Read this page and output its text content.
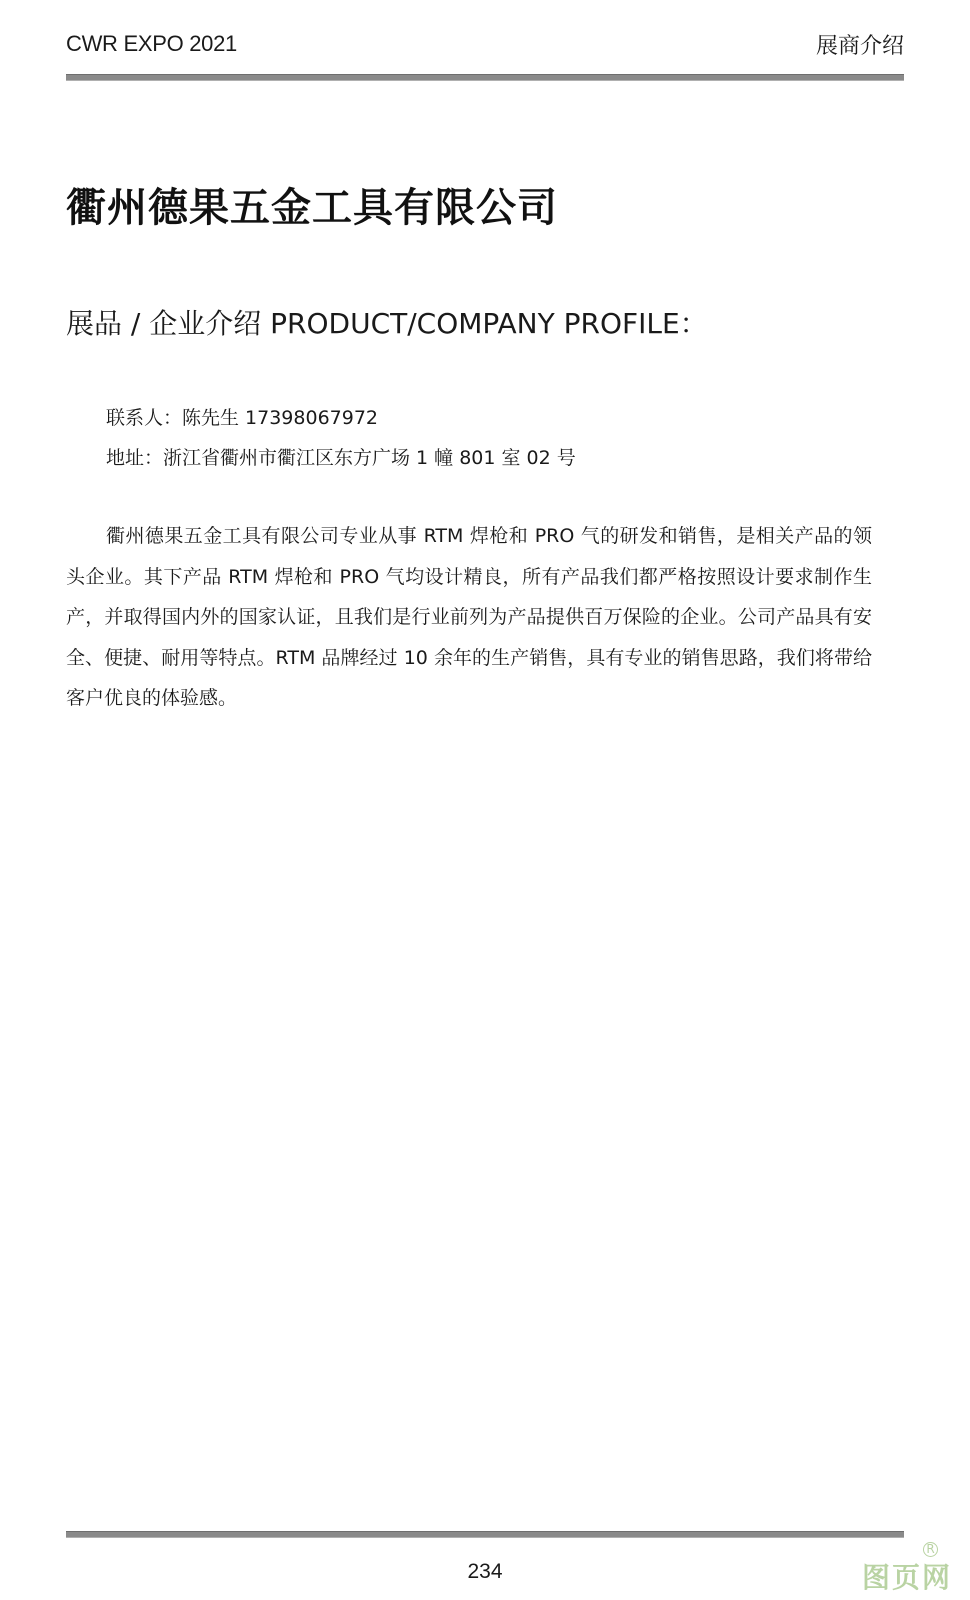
CWR EXPO 2021	展商介绍
衢州德果五金工具有限公司
展品 / 企业介绍 PRODUCT/COMPANY PROFILE：
联系人：陈先生 17398067972
地址：浙江省衢州市衢江区东方广场 1 幢 801 室 02 号
衢州德果五金工具有限公司专业从事 RTM 焊枪和 PRO 气的研发和销售，是相关产品的领头企业。其下产品 RTM 焊枪和 PRO 气均设计精良，所有产品我们都严格按照设计要求制作生产，并取得国内外的国家认证，且我们是行业前列为产品提供百万保险的企业。公司产品具有安全、便捷、耐用等特点。RTM 品牌经过 10 余年的生产销售，具有专业的销售思路，我们将带给客户优良的体验感。
234	图页网
R
